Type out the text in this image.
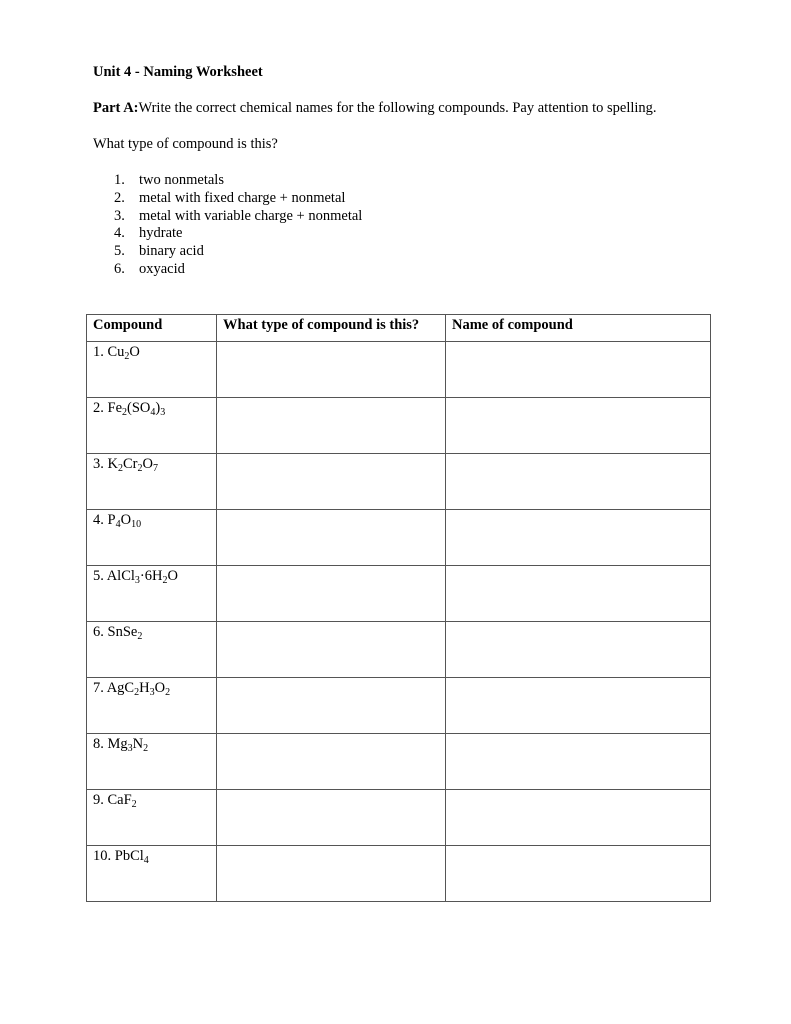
Unit 4 - Naming Worksheet
Part A:Write the correct chemical names for the following compounds. Pay attention to spelling.
What type of compound is this?
1. two nonmetals
2. metal with fixed charge + nonmetal
3. metal with variable charge + nonmetal
4. hydrate
5. binary acid
6. oxyacid
Compound	What type of compound is this?	Name of compound
1. $Cu_2O$		
2. $Fe_2(SO_4)_3$		
3. $K_2Cr_2O_7$		
4. $P_4O_{10}$		
5. $AlCl_3\cdot 6H_2O$		
6. SnSe$_2$		
7. $AgC_2H_3O_2$		
8. $Mg_3N_2$		
9. CaF$_2$		
10. PbCl$_4$		
